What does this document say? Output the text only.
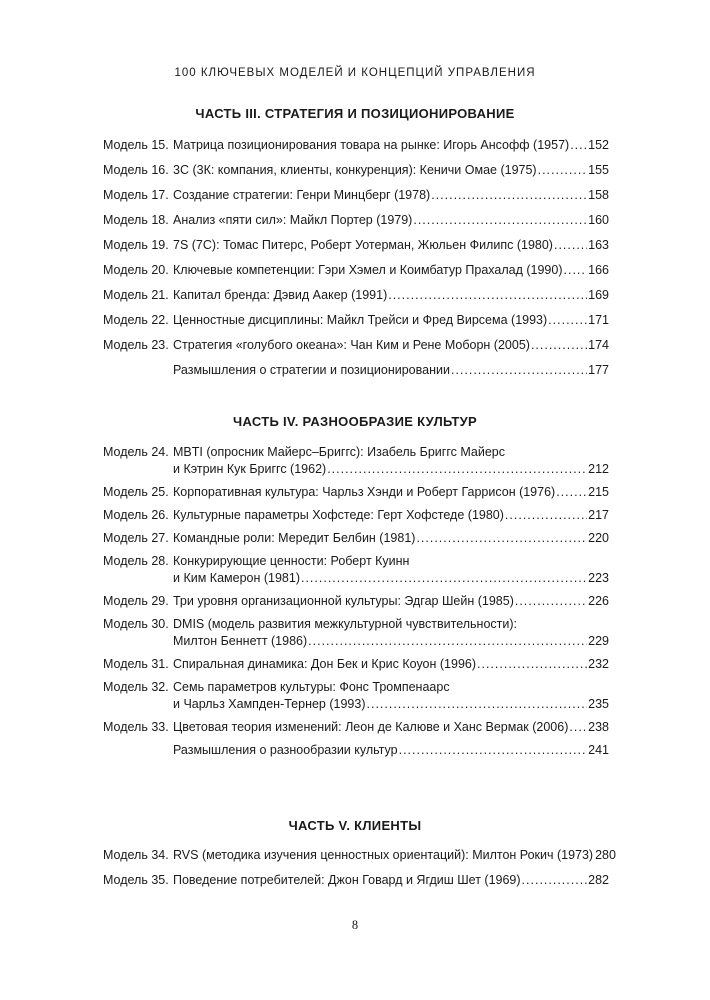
100 КЛЮЧЕВЫХ МОДЕЛЕЙ И КОНЦЕПЦИЙ УПРАВЛЕНИЯ
ЧАСТЬ III. СТРАТЕГИЯ И ПОЗИЦИОНИРОВАНИЕ
Модель 15. Матрица позиционирования товара на рынке: Игорь Ансофф (1957) ..... 152
Модель 16. 3С (3К: компания, клиенты, конкуренция): Кеничи Омае (1975) .....	155
Модель 17. Создание стратегии: Генри Минцберг (1978) .....	158
Модель 18. Анализ «пяти сил»: Майкл Портер (1979) .....	160
Модель 19. 7S (7С): Томас Питерс, Роберт Уотерман, Жюльен Филипс (1980) .....	163
Модель 20. Ключевые компетенции: Гэри Хэмел и Коимбатур Прахалад (1990) ..... 166
Модель 21. Капитал бренда: Дэвид Аакер (1991) .....	169
Модель 22. Ценностные дисциплины: Майкл Трейси и Фред Вирсема (1993) .....	171
Модель 23. Стратегия «голубого океана»: Чан Ким и Рене Моборн (2005) .....	174
Размышления о стратегии и позиционировании .....	177
ЧАСТЬ IV. РАЗНООБРАЗИЕ КУЛЬТУР
Модель 24. MBTI (опросник Майерс–Бриггс): Изабель Бриггс Майерс
и Кэтрин Кук Бриггс (1962) .....	212
Модель 25. Корпоративная культура: Чарльз Хэнди и Роберт Гаррисон (1976) .....	215
Модель 26. Культурные параметры Хофстеде: Герт Хофстеде (1980) .....	217
Модель 27. Командные роли: Мередит Белбин (1981) .....	220
Модель 28. Конкурирующие ценности: Роберт Куинн
и Ким Камерон (1981) .....	223
Модель 29. Три уровня организационной культуры: Эдгар Шейн (1985) .....	226
Модель 30. DMIS (модель развития межкультурной чувствительности):
Милтон Беннетт (1986) .....	229
Модель 31. Спиральная динамика: Дон Бек и Крис Коуон (1996) .....	232
Модель 32. Семь параметров культуры: Фонс Тромпенаарс
и Чарльз Хампден-Тернер (1993) .....	235
Модель 33. Цветовая теория изменений: Леон де Калюве и Ханс Вермак (2006) ..... 238
Размышления о разнообразии культур .....	241
ЧАСТЬ V. КЛИЕНТЫ
Модель 34. RVS (методика изучения ценностных ориентаций): Милтон Рокич (1973) 280
Модель 35. Поведение потребителей: Джон Говард и Ягдиш Шет (1969) .....	282
8
